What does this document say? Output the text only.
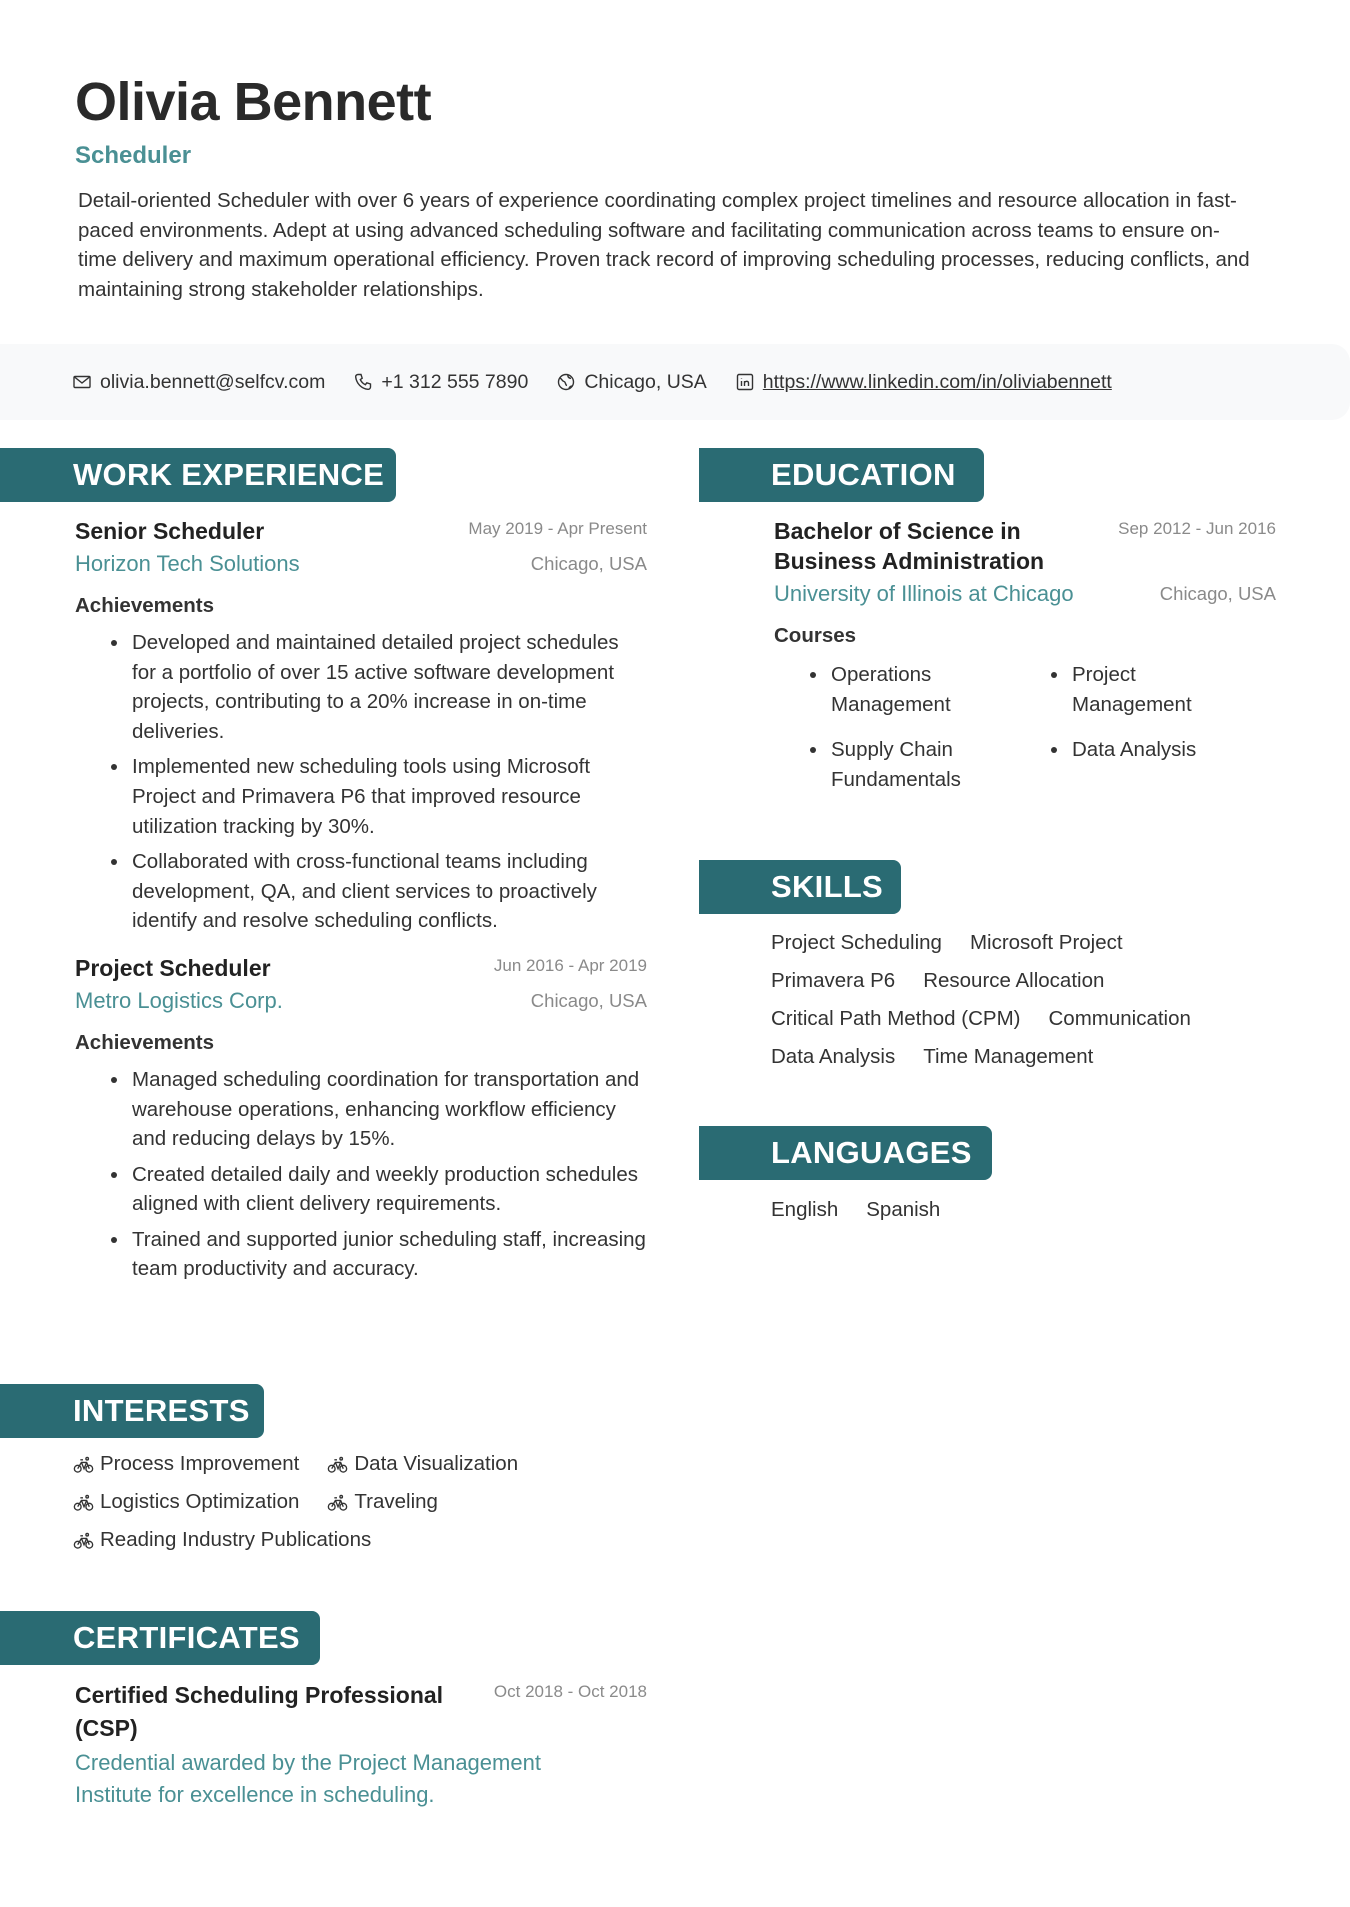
Olivia Bennett
Scheduler
Detail-oriented Scheduler with over 6 years of experience coordinating complex project timelines and resource allocation in fast-paced environments. Adept at using advanced scheduling software and facilitating communication across teams to ensure on-time delivery and maximum operational efficiency. Proven track record of improving scheduling processes, reducing conflicts, and maintaining strong stakeholder relationships.
olivia.bennett@selfcv.com	+1 312 555 7890	Chicago, USA	https://www.linkedin.com/in/oliviabennett
WORK EXPERIENCE
Senior Scheduler	May 2019 - Apr Present
Horizon Tech Solutions	Chicago, USA
Achievements
Developed and maintained detailed project schedules for a portfolio of over 15 active software development projects, contributing to a 20% increase in on-time deliveries.
Implemented new scheduling tools using Microsoft Project and Primavera P6 that improved resource utilization tracking by 30%.
Collaborated with cross-functional teams including development, QA, and client services to proactively identify and resolve scheduling conflicts.
Project Scheduler	Jun 2016 - Apr 2019
Metro Logistics Corp.	Chicago, USA
Achievements
Managed scheduling coordination for transportation and warehouse operations, enhancing workflow efficiency and reducing delays by 15%.
Created detailed daily and weekly production schedules aligned with client delivery requirements.
Trained and supported junior scheduling staff, increasing team productivity and accuracy.
EDUCATION
Bachelor of Science in Business Administration
Sep 2012 - Jun 2016
University of Illinois at Chicago	Chicago, USA
Courses
Operations Management
Project Management
Supply Chain Fundamentals
Data Analysis
SKILLS
Project Scheduling Microsoft Project
Primavera P6 Resource Allocation
Critical Path Method (CPM) Communication
Data Analysis Time Management
LANGUAGES
English Spanish
INTERESTS
Process Improvement	Data Visualization
Logistics Optimization	Traveling
Reading Industry Publications
CERTIFICATES
Certified Scheduling Professional (CSP)
Oct 2018 - Oct 2018
Credential awarded by the Project Management Institute for excellence in scheduling.
